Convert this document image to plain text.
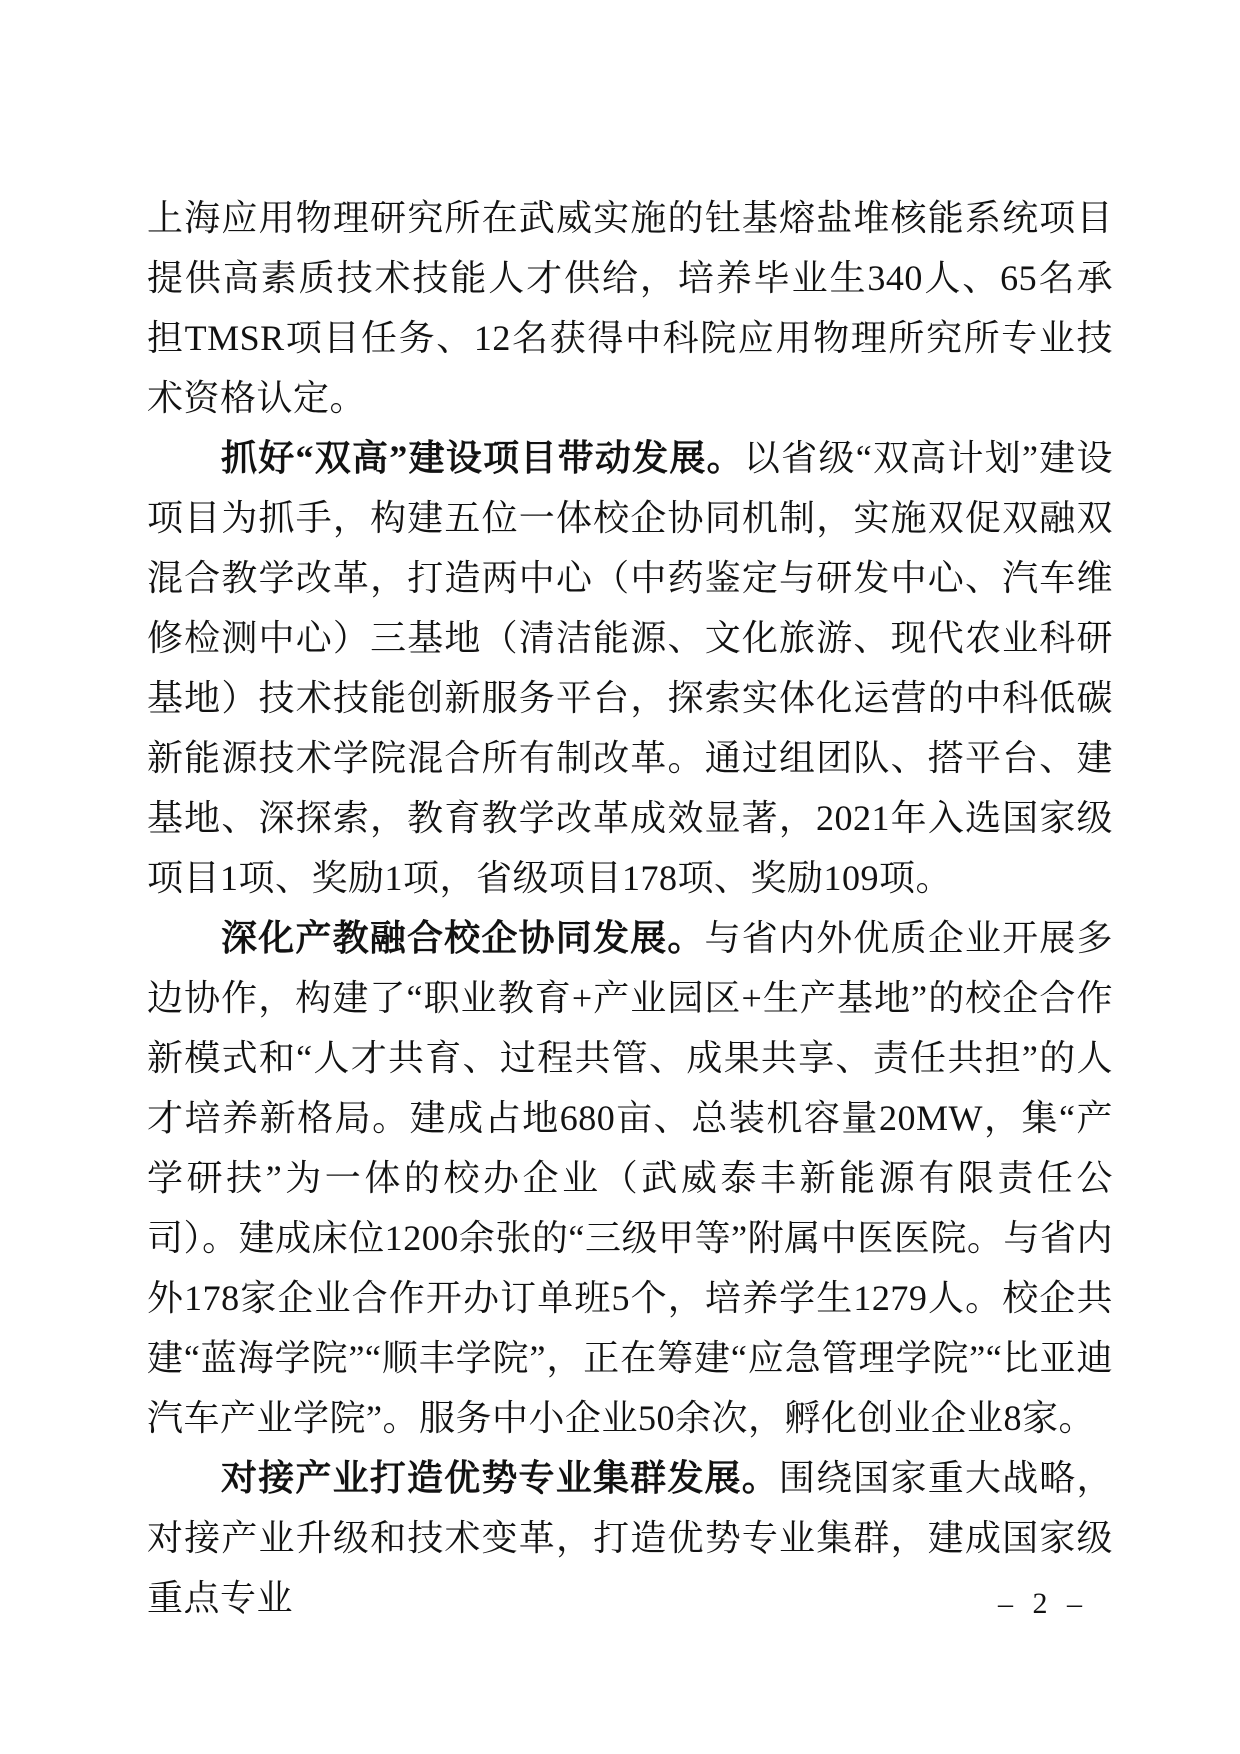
上海应用物理研究所在武威实施的钍基熔盐堆核能系统项目提供高素质技术技能人才供给，培养毕业生340人、65名承担TMSR项目任务、12名获得中科院应用物理所究所专业技术资格认定。

抓好“双高”建设项目带动发展。以省级“双高计划”建设项目为抓手，构建五位一体校企协同机制，实施双促双融双混合教学改革，打造两中心（中药鉴定与研发中心、汽车维修检测中心）三基地（清洁能源、文化旅游、现代农业科研基地）技术技能创新服务平台，探索实体化运营的中科低碳新能源技术学院混合所有制改革。通过组团队、搭平台、建基地、深探索，教育教学改革成效显著，2021年入选国家级项目1项、奖励1项，省级项目178项、奖励109项。

深化产教融合校企协同发展。与省内外优质企业开展多边协作，构建了“职业教育+产业园区+生产基地”的校企合作新模式和“人才共育、过程共管、成果共享、责任共担”的人才培养新格局。建成占地680亩、总装机容量20MW，集“产学研扶”为一体的校办企业（武威泰丰新能源有限责任公司）。建成床位1200余张的“三级甲等”附属中医医院。与省内外178家企业合作开办订单班5个，培养学生1279人。校企共建“蓝海学院”“顺丰学院”，正在筹建“应急管理学院”“比亚迪汽车产业学院”。服务中小企业50余次，孵化创业企业8家。

对接产业打造优势专业集群发展。围绕国家重大战略，对接产业升级和技术变革，打造优势专业集群，建成国家级重点专业	– 2 –
